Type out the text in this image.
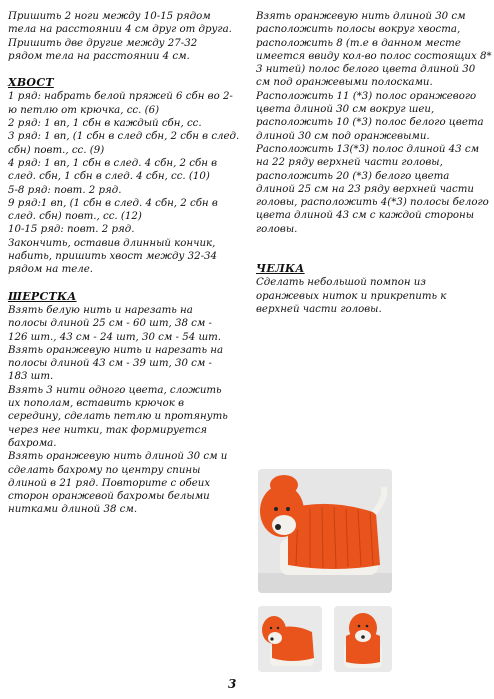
Пришить 2 ноги между 10-15 рядом
тела на расстоянии 4 см друг от друга.
Пришить две другие между 27-32
рядом тела на расстоянии 4 см.
ХВОСТ
1 ряд: набрать белой пряжей 6 сбн во 2-
ю петлю от крючка, сс. (6)
2 ряд: 1 вп, 1 сбн в каждый сбн, сс.
3 ряд: 1 вп, (1 сбн в след сбн, 2 сбн в след.
сбн) повт., сс. (9)
4 ряд: 1 вп, 1 сбн в след. 4 сбн, 2 сбн в
след. сбн, 1 сбн в след. 4 сбн, сс. (10)
5-8 ряд: повт. 2 ряд.
9 ряд:1 вп, (1 сбн в след. 4 сбн, 2 сбн в
след. сбн) повт., сс. (12)
10-15 ряд: повт. 2 ряд.
Закончить, оставив длинный кончик,
набить, пришить хвост между 32-34
рядом на теле.
ШЕРСТКА
Взять белую нить и нарезать на
полосы длиной 25 см - 60 шт, 38 см -
126 шт., 43 см - 24 шт, 30 см - 54 шт.
Взять оранжевую нить и нарезать на
полосы длиной 43 см - 39 шт, 30 см -
183 шт.
Взять 3 нити одного цвета, сложить
их пополам, вставить крючок в
середину, сделать петлю и протянуть
через нее нитки, так формируется
бахрома.
Взять оранжевую нить длиной 30 см и
сделать бахрому по центру спины
длиной в 21 ряд. Повторите с обеих
сторон оранжевой бахромы белыми
нитками длиной 38 см.
Взять оранжевую нить длиной 30 см
расположить полосы вокруг хвоста,
расположить 8 (т.е в данном месте
имеется ввиду кол-во полос состоящих 8*
3 нитей) полос белого цвета длиной 30
см под оранжевыми полосками.
Расположить 11 (*3) полос оранжевого
цвета длиной 30 см вокруг шеи,
расположить 10 (*3) полос белого цвета
длиной 30 см под оранжевыми.
Расположить 13(*3) полос длиной 43 см
на 22 ряду верхней части головы,
расположить 20 (*3) белого цвета
длиной 25 см на 23 ряду верхней части
головы, расположить 4(*3) полосы белого
цвета длиной 43 см с каждой стороны
головы.
ЧЕЛКА
Сделать небольшой помпон из
оранжевых ниток и прикрепить к
верхней части головы.
3
